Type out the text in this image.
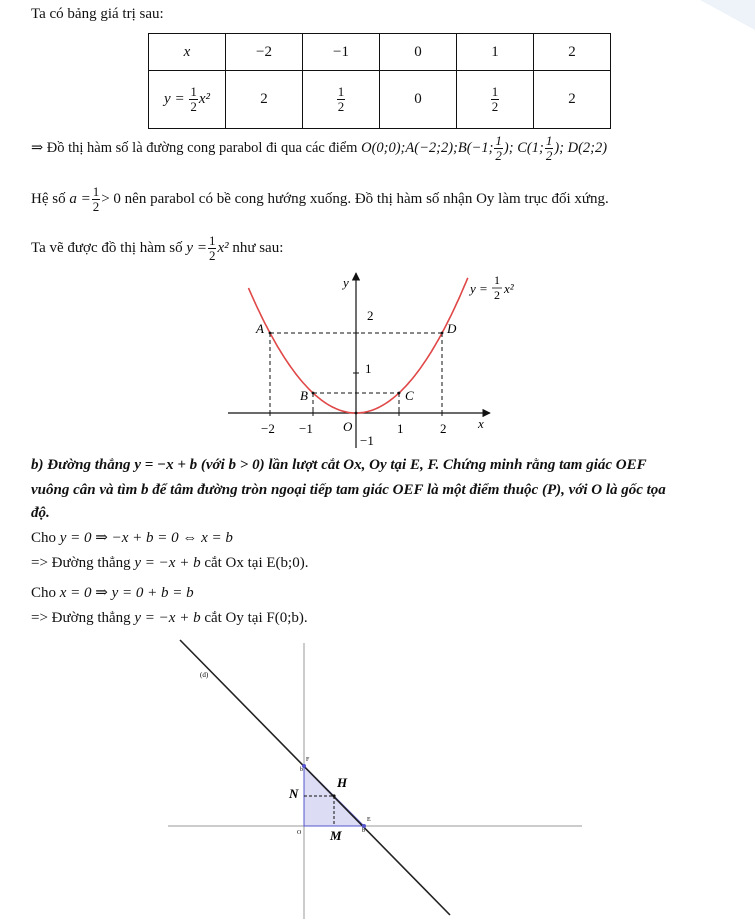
Ta có bảng giá trị sau:
x	−2	−1	0	1	2
$y = \frac{1}{2} x^2$	2	$\frac{1}{2}$	0	$\frac{1}{2}$	2
⇒ Đồ thị hàm số là đường cong parabol đi qua các điểm O(0;0);A(−2;2);B(−1; $\frac{1}{2}$ ); C(1; $\frac{1}{2}$ ); D(2;2)
Hệ số $a = \frac{1}{2} > 0$ nên parabol có bề cong hướng xuống. Đồ thị hàm số nhận Oy làm trục đối xứng.
Ta vẽ được đồ thị hàm số $y = \frac{1}{2} x^2$ như sau:
x
y
O
−2 −1	1	2
1
2
−1
A
B	C
D
y =
1
2 x²
b) Đường thẳng y = −x + b (với b > 0) lần lượt cắt Ox, Oy tại E, F. Chứng minh rằng tam giác OEF
vuông cân và tìm b để tâm đường tròn ngoại tiếp tam giác OEF là một điểm thuộc (P), với O là gốc tọa
độ.
Cho y = 0 ⇒ −x + b = 0 ⇔ x = b
=> Đường thẳng y = −x + b cắt Ox tại E(b;0).
Cho x = 0 ⇒ y = 0 + b = b
=> Đường thẳng y = −x + b cắt Oy tại F(0;b).
(d)
F
b
N
H
E
b
O M
